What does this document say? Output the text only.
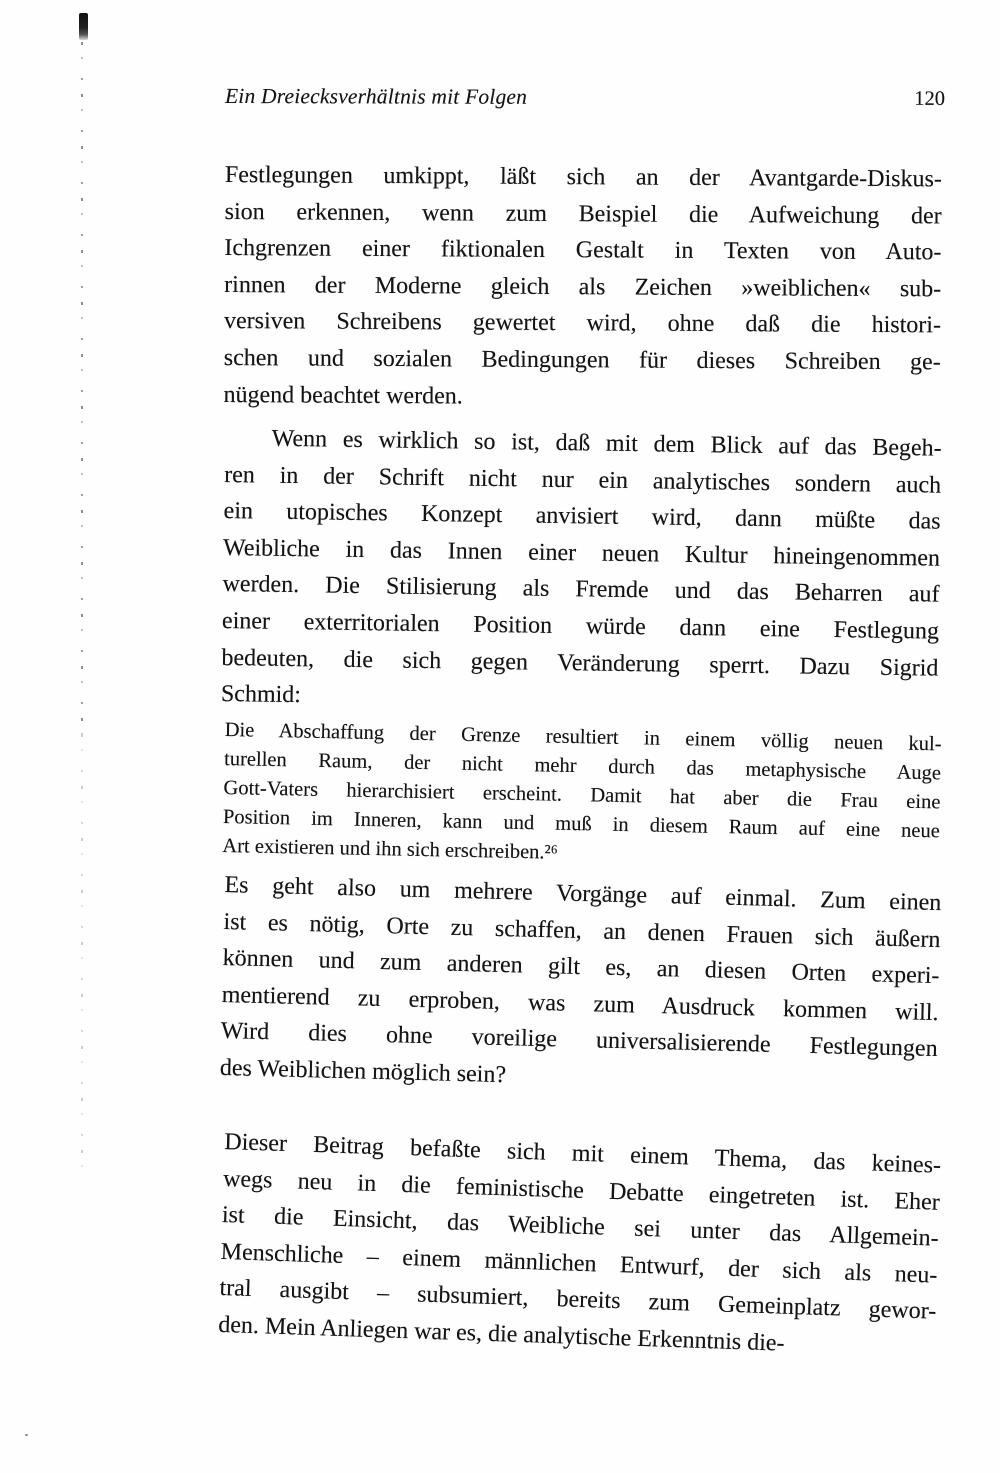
Ein Dreiecksverhältnis mit Folgen	120
Festlegungen umkippt, läßt sich an der Avantgarde-Diskus-
sion erkennen, wenn zum Beispiel die Aufweichung der
Ichgrenzen einer fiktionalen Gestalt in Texten von Auto-
rinnen der Moderne gleich als Zeichen »weiblichen« sub-
versiven Schreibens gewertet wird, ohne daß die histori-
schen und sozialen Bedingungen für dieses Schreiben ge-
nügend beachtet werden.
Wenn es wirklich so ist, daß mit dem Blick auf das Begeh-
ren in der Schrift nicht nur ein analytisches sondern auch
ein utopisches Konzept anvisiert wird, dann müßte das
Weibliche in das Innen einer neuen Kultur hineingenommen
werden. Die Stilisierung als Fremde und das Beharren auf
einer exterritorialen Position würde dann eine Festlegung
bedeuten, die sich gegen Veränderung sperrt. Dazu Sigrid
Schmid:
Die Abschaffung der Grenze resultiert in einem völlig neuen kul-
turellen Raum, der nicht mehr durch das metaphysische Auge
Gott-Vaters hierarchisiert erscheint. Damit hat aber die Frau eine
Position im Inneren, kann und muß in diesem Raum auf eine neue
Art existieren und ihn sich erschreiben.²⁶
Es geht also um mehrere Vorgänge auf einmal. Zum einen
ist es nötig, Orte zu schaffen, an denen Frauen sich äußern
können und zum anderen gilt es, an diesen Orten experi-
mentierend zu erproben, was zum Ausdruck kommen will.
Wird dies ohne voreilige universalisierende Festlegungen
des Weiblichen möglich sein?
Dieser Beitrag befaßte sich mit einem Thema, das keines-
wegs neu in die feministische Debatte eingetreten ist. Eher
ist die Einsicht, das Weibliche sei unter das Allgemein-
Menschliche – einem männlichen Entwurf, der sich als neu-
tral ausgibt – subsumiert, bereits zum Gemeinplatz gewor-
den. Mein Anliegen war es, die analytische Erkenntnis die-
